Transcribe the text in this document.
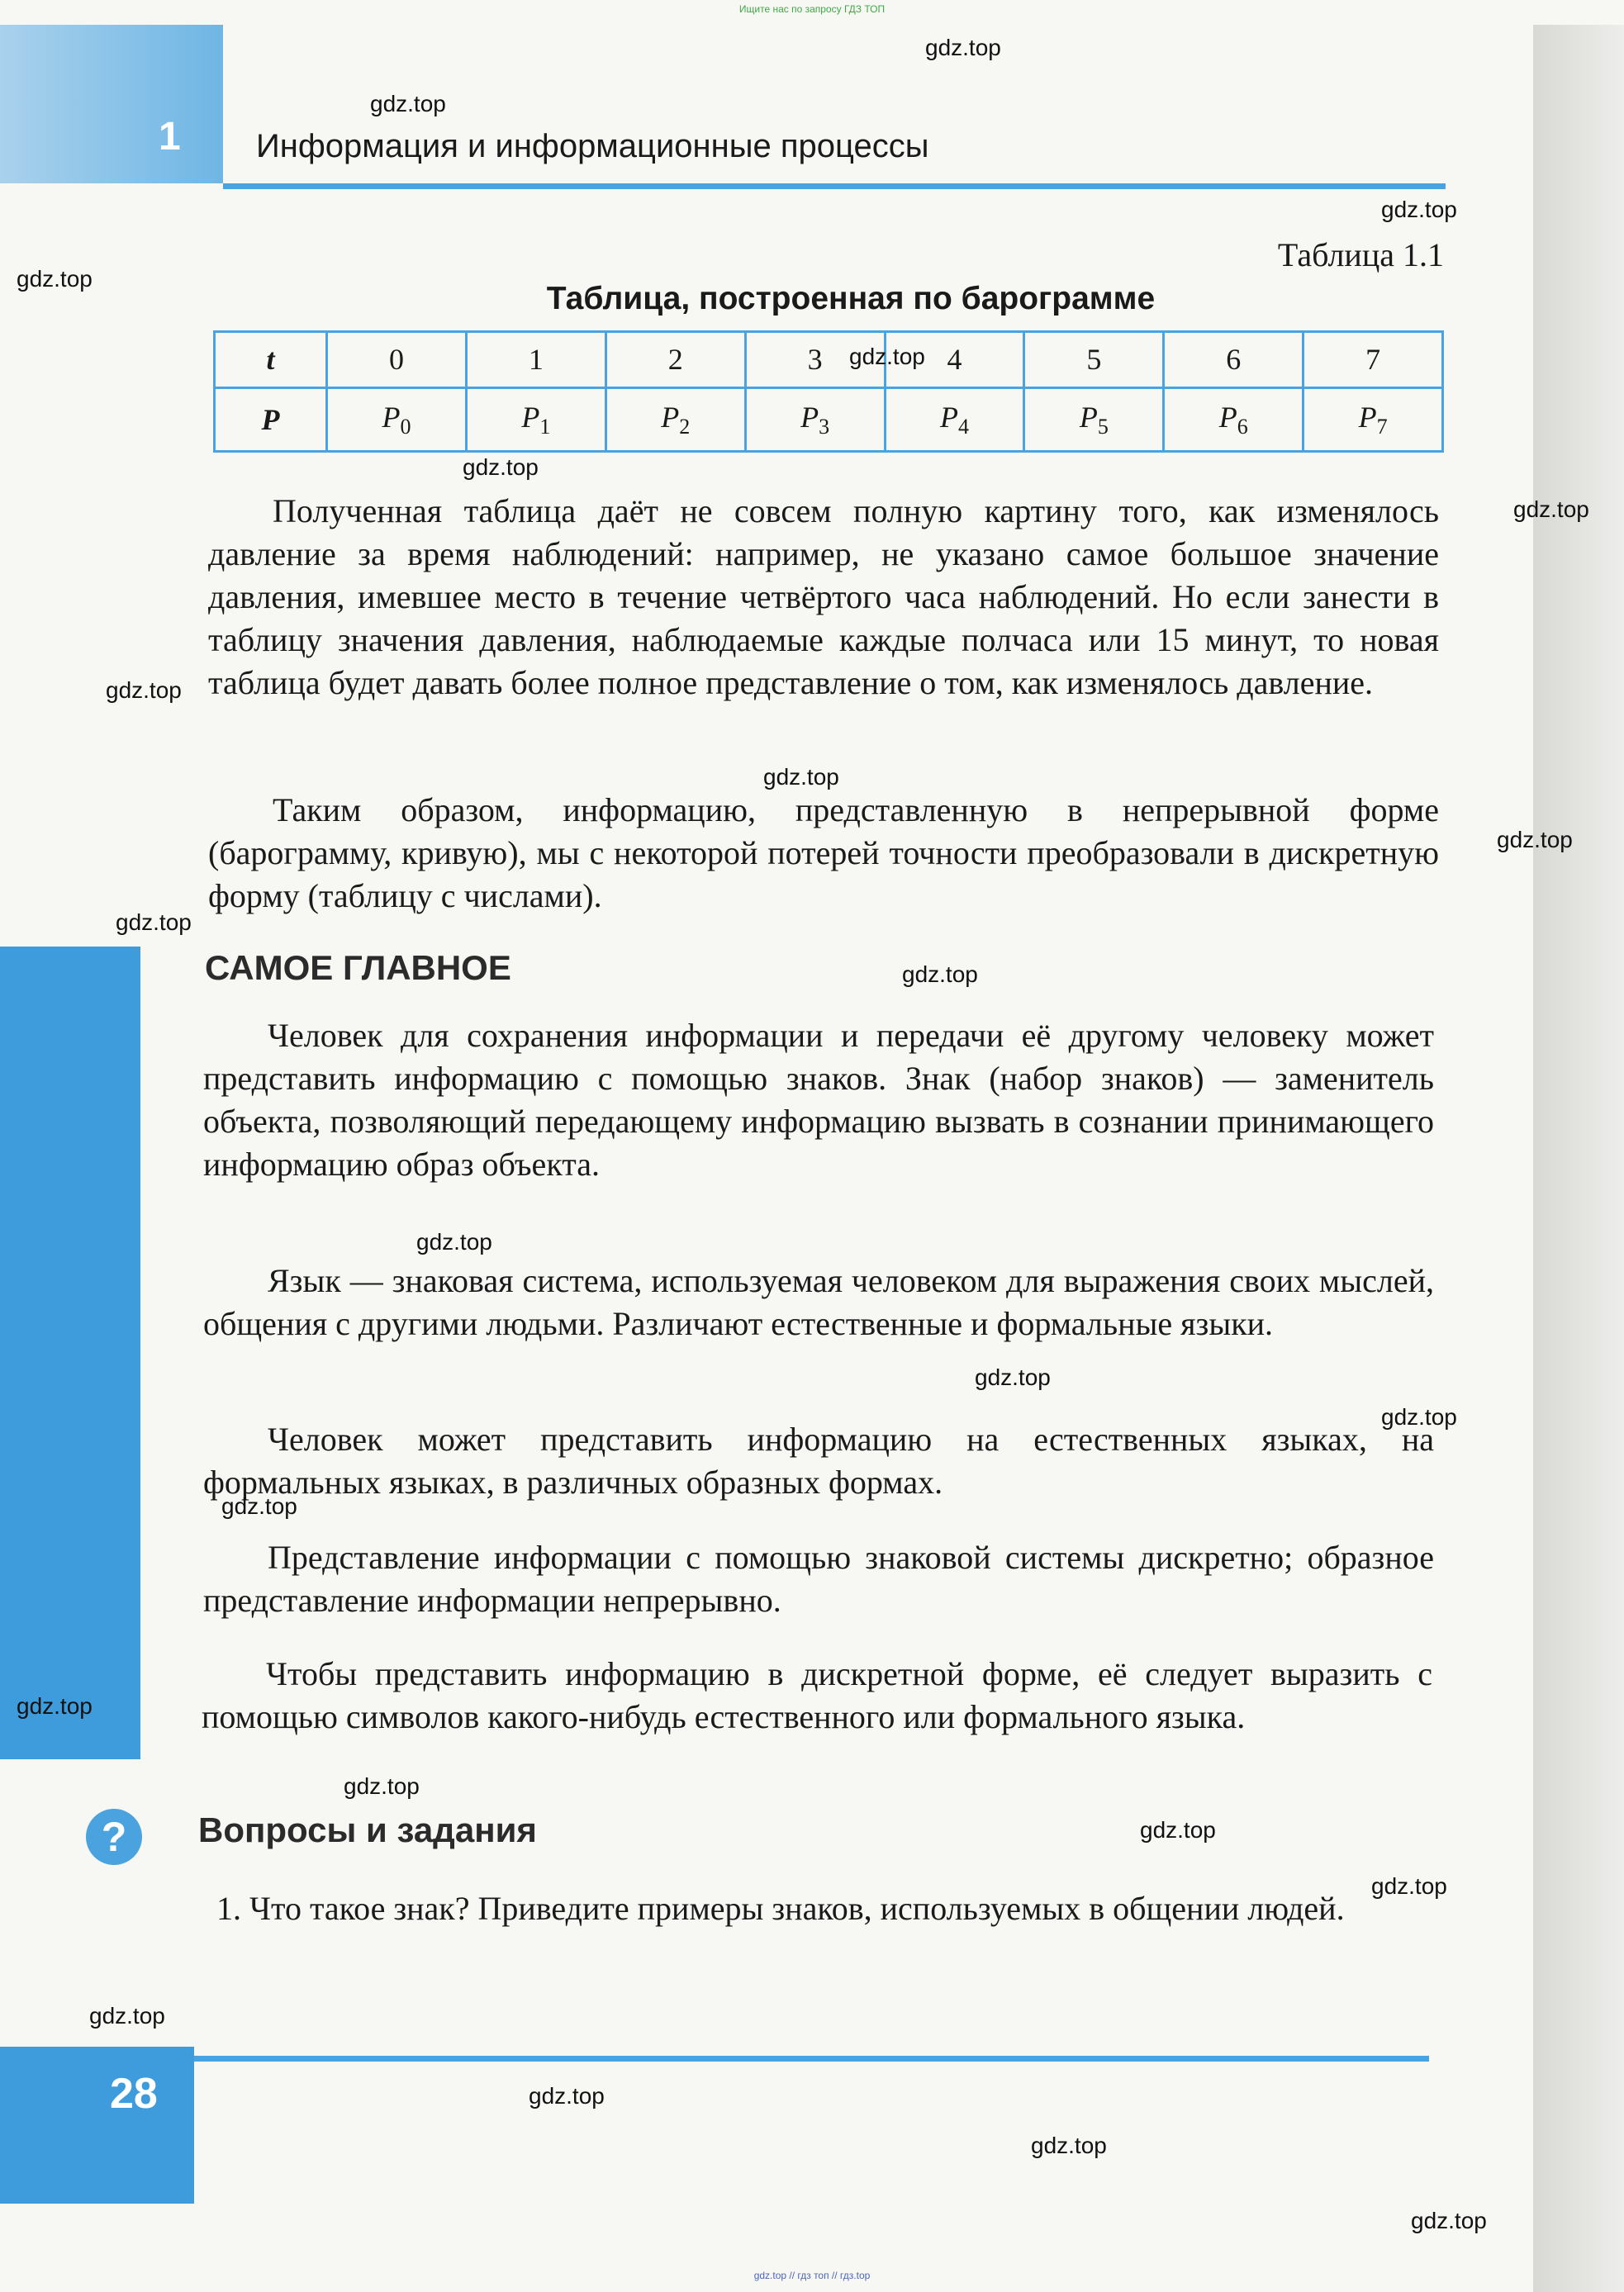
Ищите нас по запросу ГДЗ ТОП
1 Информация и информационные процессы
Таблица 1.1
Таблица, построенная по барограмме
t	0	1	2	3	4	5	6	7
P	$P_0$	$P_1$	$P_2$	$P_3$	$P_4$	$P_5$	$P_6$	$P_7$

Полученная таблица даёт не совсем полную картину того, как изменялось давление за время наблюдений: например, не указано самое большое значение давления, имевшее место в течение четвёртого часа наблюдений. Но если занести в таблицу значения давления, наблюдаемые каждые полчаса или 15 минут, то новая таблица будет давать более полное представление о том, как изменялось давление.

Таким образом, информацию, представленную в непрерывной форме (барограмму, кривую), мы с некоторой потерей точности преобразовали в дискретную форму (таблицу с числами).

САМОЕ ГЛАВНОЕ

Человек для сохранения информации и передачи её другому человеку может представить информацию с помощью знаков. Знак (набор знаков) — заменитель объекта, позволяющий передающему информацию вызвать в сознании принимающего информацию образ объекта.

Язык — знаковая система, используемая человеком для выражения своих мыслей, общения с другими людьми. Различают естественные и формальные языки.

Человек может представить информацию на естественных языках, на формальных языках, в различных образных формах.

Представление информации с помощью знаковой системы дискретно; образное представление информации непрерывно.

Чтобы представить информацию в дискретной форме, её следует выразить с помощью символов какого-нибудь естественного или формального языка.

?	Вопросы и задания

1. Что такое знак? Приведите примеры знаков, используемых в общении людей.

28
gdz.top // гдз топ // гдз.top
gdz.top
gdz.top
gdz.top
gdz.top
gdz.top
gdz.top
gdz.top
gdz.top
gdz.top
gdz.top
gdz.top
gdz.top
gdz.top
gdz.top
gdz.top
gdz.top
gdz.top
gdz.top
gdz.top
gdz.top
gdz.top
gdz.top
gdz.top
gdz.top
